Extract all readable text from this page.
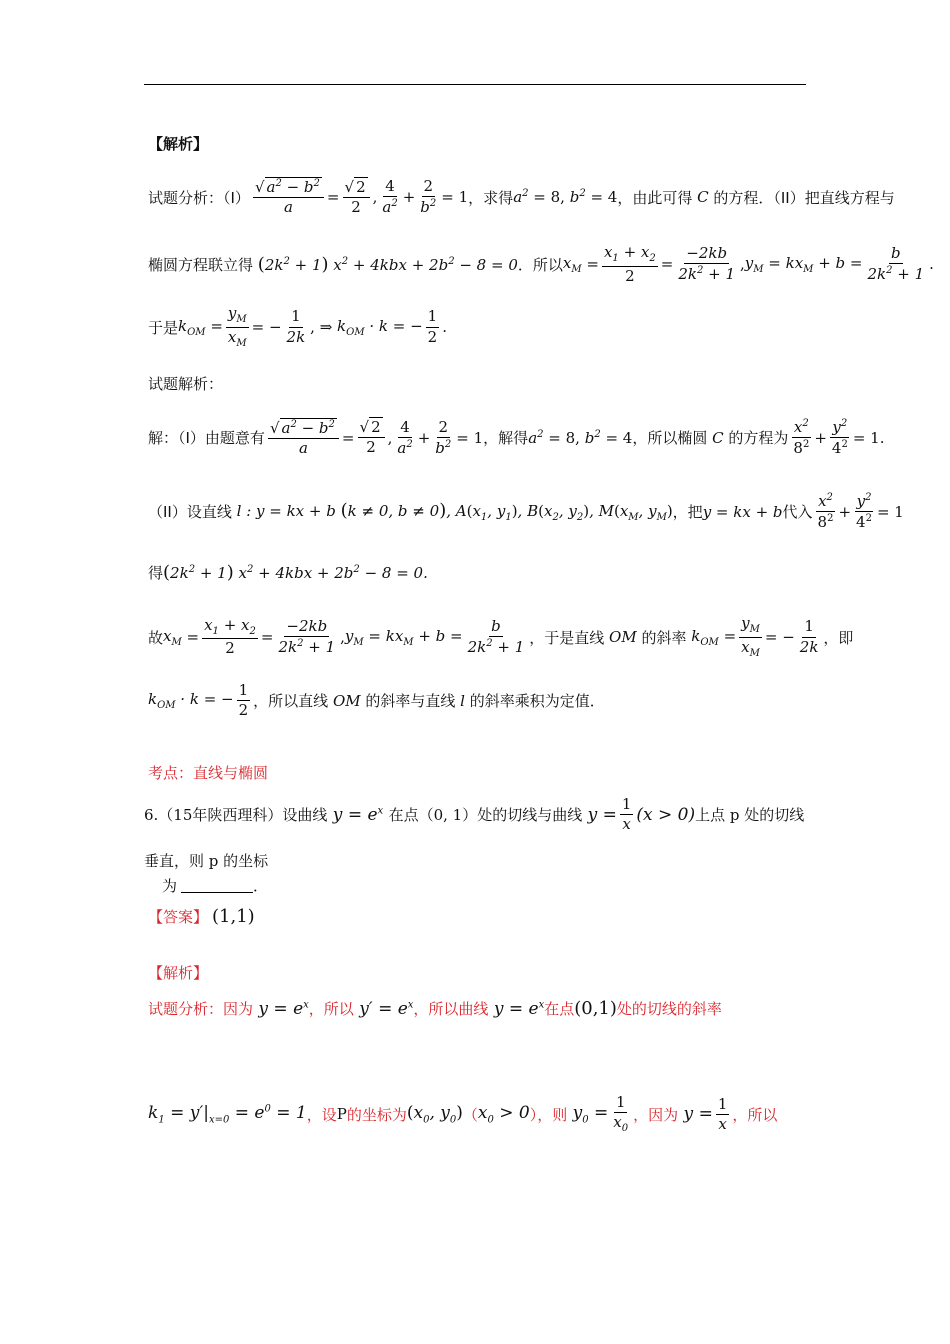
【解析】
试题分析：$(I) \frac{√ a^2 - b^2}{a} = \frac{√ 2}{2}$ , $\frac{4}{a^2} + \frac{2}{b^2} = 1$ ，求得 $a^2 = 8$, $b^2 = 4$ ，由此可得 C 的方程．（II）把直线方程与
椭圆方程联立得 $(2k^2 + 1) x^2 + 4kbx + 2b^2 - 8 = 0$ ．所以 $x_M = \frac{x_1 + x_2}{2} = \frac{-2kb}{2k^2 + 1}$ , $y_M = kx_M + b = \frac{b}{2k^2 + 1}$ .
于是 $k_{OM} = \frac{y_M}{x_M}$ = − $\frac{1}{2k}$ , ⇒ $k_{OM} \cdot k$ = − $\frac{1}{2}$ .
试题解析：
解：（I）由题意有 $\frac{√ a^2 - b^2}{a} = \frac{√ 2}{2}$ , $\frac{4}{a^2} + \frac{2}{b^2} = 1$ ，解得 $a^2 = 8$, $b^2 = 4$ ，所以椭圆 C 的方程为 $\frac{x^2}{8^2} + \frac{y^2}{4^2} = 1$.
（II）设直线 l : y = kx + b (k ≠ 0, b ≠ 0), $A(x_1$, $y_1$), $B(x_2$, $y_2$), $M(x_M$, $y_M$) ，把 y = kx + b 代入 $\frac{x^2}{8^2} + \frac{y^2}{4^2} = 1$
得 $(2k^2 + 1) x^2 + 4kbx + 2b^2 - 8 = 0$.
故 $x_M = \frac{x_1 + x_2}{2} = \frac{-2kb}{2k^2 + 1}$ , $y_M = kx_M + b = \frac{b}{2k^2 + 1}$ ，于是直线 OM 的斜率 $k_{OM} = \frac{y_M}{x_M}$ = − $\frac{1}{2k}$ ，即
$k_{OM} \cdot k$ = − $\frac{1}{2}$ ，所以直线 OM 的斜率与直线 l 的斜率乘积为定值．
考点：直线与椭圆
6.（15年陕西理科）设曲线 $y = e^x$ 在点（0, 1）处的切线与曲线 $y = \frac{1}{x} (x > 0)$ 上点 p 处的切线
垂直，则 p 的坐标
为	．
【答案】 (1,1)
【解析】
试题分析：因为 $y = e^x$ ，所以 $y' = e^x$ ，所以曲线 $y = e^x$ 在点 (0,1) 处的切线的斜率
$k_1 = y'|_{x=0} = e^0 = 1$ ，设 P 的坐标为 ($x_0$, $y_0$) （ $x_0 > 0$ ），则 $y_0 = \frac{1}{x_0}$ ，因为 $y = \frac{1}{x}$ ，所以
